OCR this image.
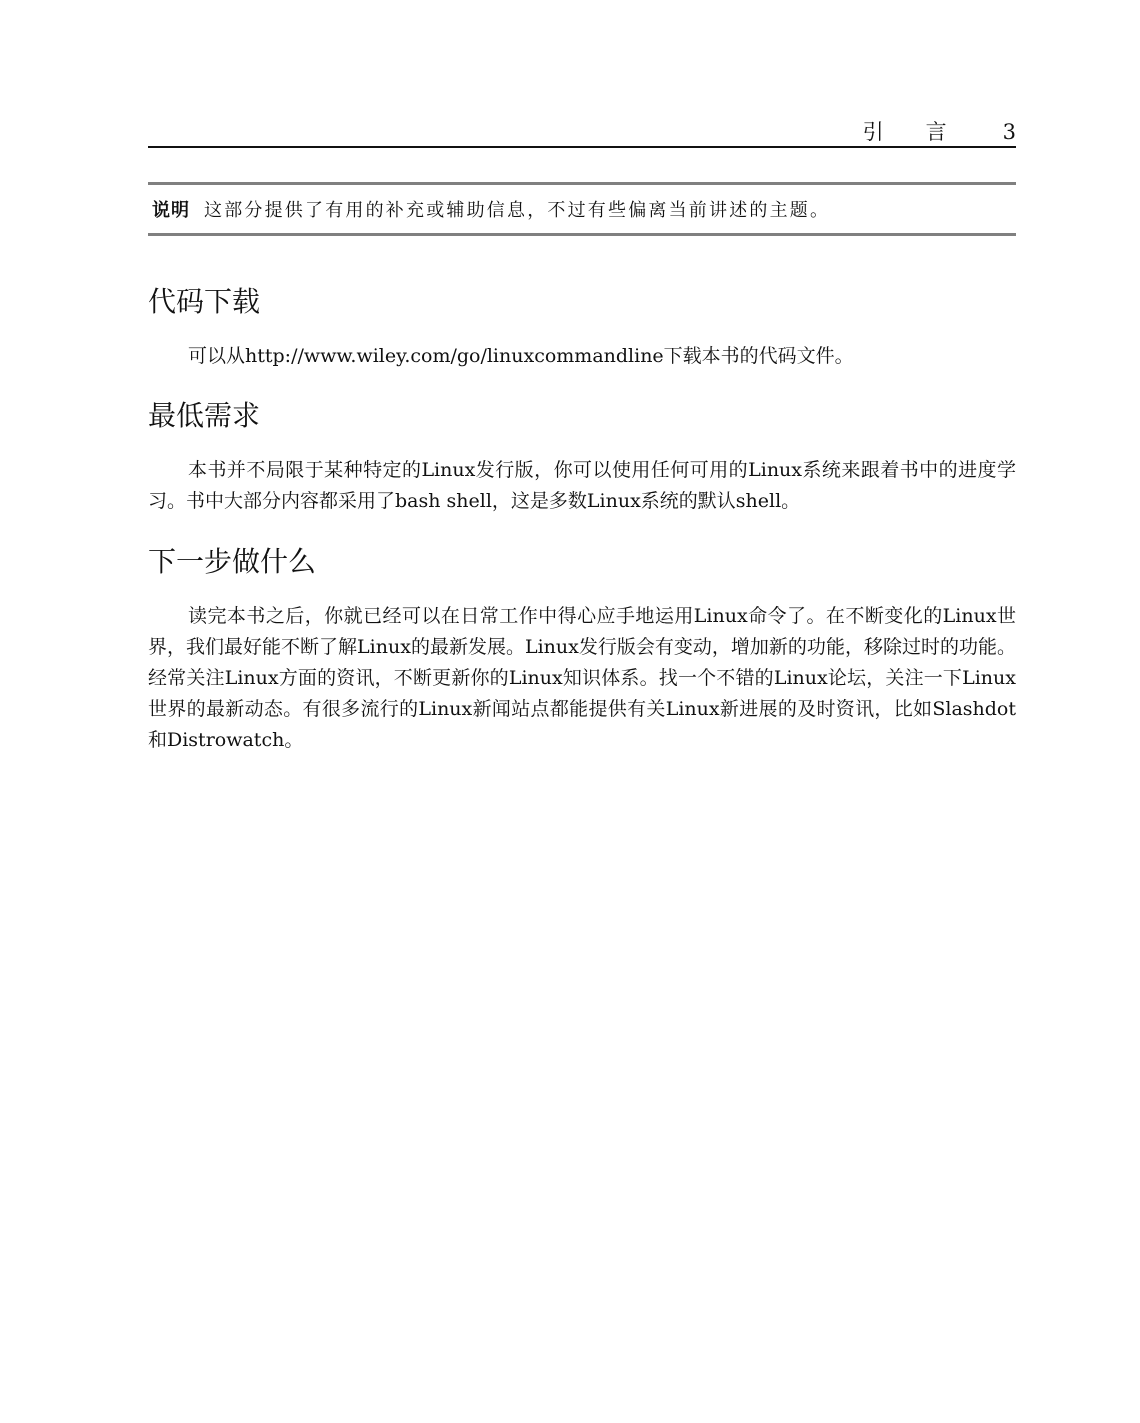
引言 3
说明 这部分提供了有用的补充或辅助信息，不过有些偏离当前讲述的主题。
代码下载

可以从http://www.wiley.com/go/linuxcommandline下载本书的代码文件。

最低需求

本书并不局限于某种特定的Linux发行版，你可以使用任何可用的Linux系统来跟着书中的进度学习。书中大部分内容都采用了bash shell，这是多数Linux系统的默认shell。

下一步做什么

读完本书之后，你就已经可以在日常工作中得心应手地运用Linux命令了。在不断变化的Linux世界，我们最好能不断了解Linux的最新发展。Linux发行版会有变动，增加新的功能，移除过时的功能。经常关注Linux方面的资讯，不断更新你的Linux知识体系。找一个不错的Linux论坛，关注一下Linux世界的最新动态。有很多流行的Linux新闻站点都能提供有关Linux新进展的及时资讯，比如Slashdot和Distrowatch。
